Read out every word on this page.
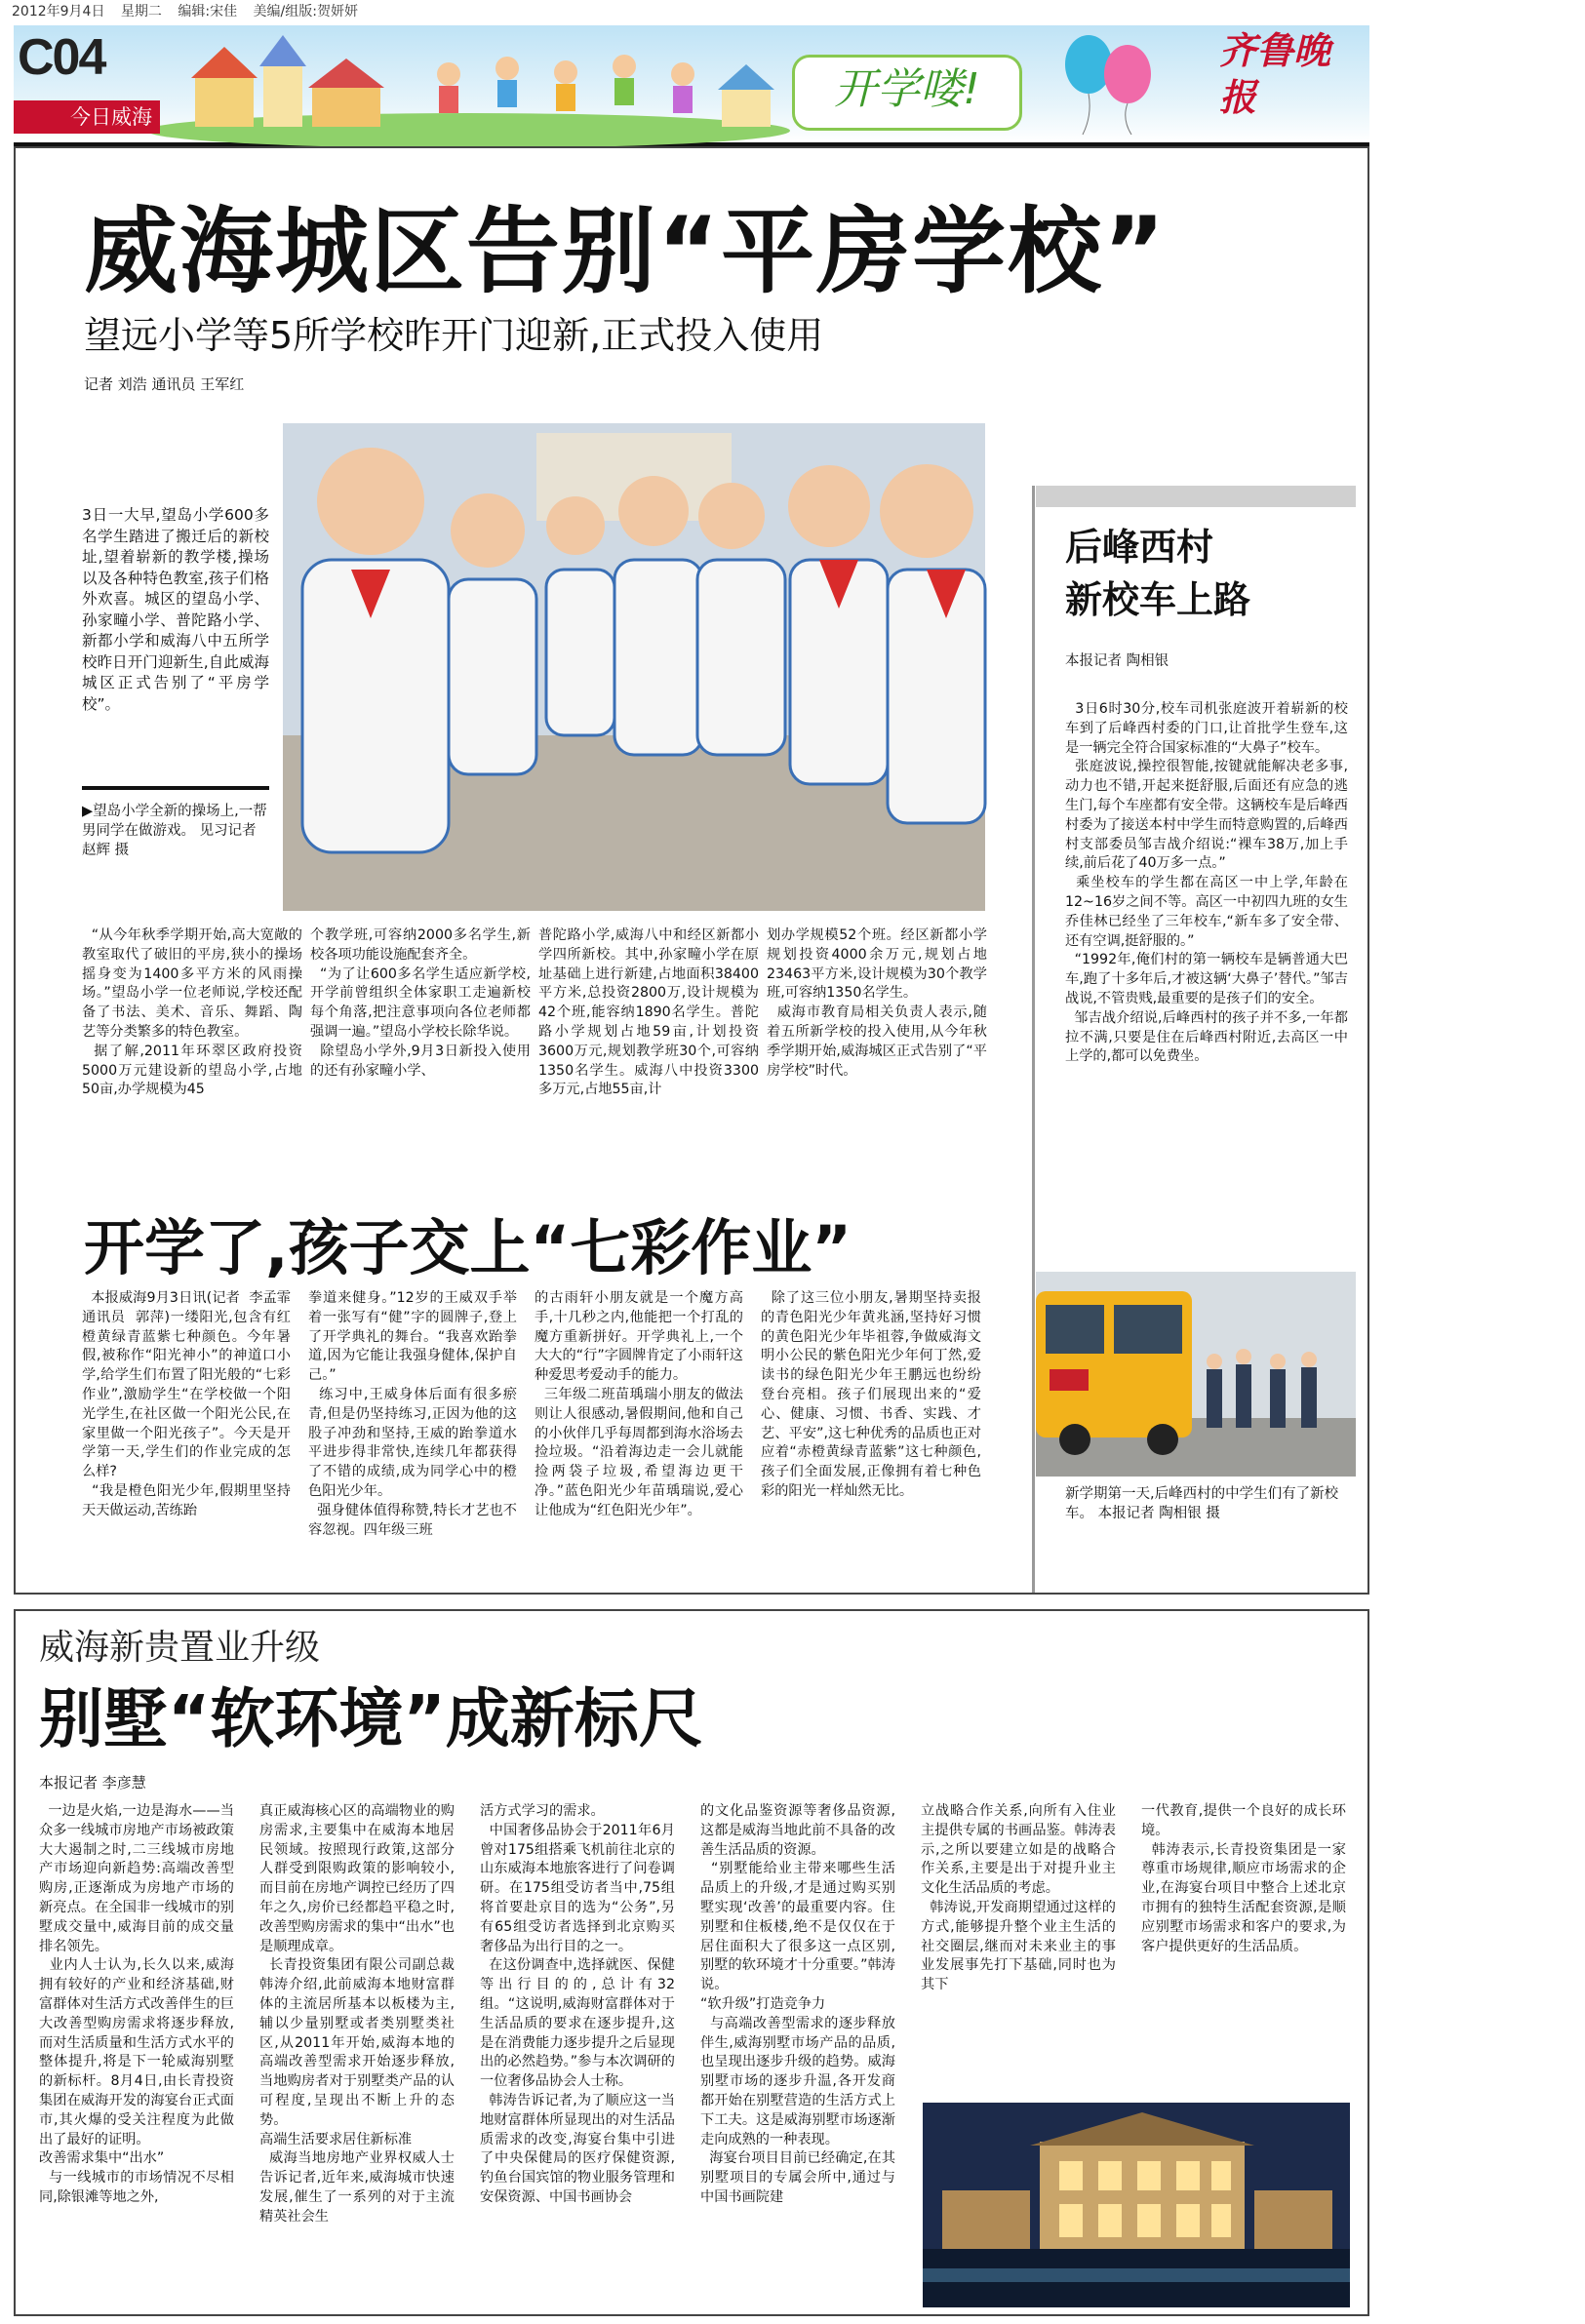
2012年9月4日 星期二 编辑:宋佳 美编/组版:贺妍妍
C04
今日威海
开学喽!
齐鲁晚报
威海城区告别“平房学校”
望远小学等5所学校昨开门迎新,正式投入使用
记者 刘浩 通讯员 王军红
3日一大早,望岛小学600多名学生踏进了搬迁后的新校址,望着崭新的教学楼,操场以及各种特色教室,孩子们格外欢喜。城区的望岛小学、孙家疃小学、普陀路小学、新都小学和威海八中五所学校昨日开门迎新生,自此威海城区正式告别了“平房学校”。
▶望岛小学全新的操场上,一帮男同学在做游戏。 见习记者 赵辉 摄
“从今年秋季学期开始,高大宽敞的教室取代了破旧的平房,狭小的操场摇身变为1400多平方米的风雨操场。”望岛小学一位老师说,学校还配备了书法、美术、音乐、舞蹈、陶艺等分类繁多的特色教室。
据了解,2011年环翠区政府投资5000万元建设新的望岛小学,占地50亩,办学规模为45
个教学班,可容纳2000多名学生,新校各项功能设施配套齐全。
“为了让600多名学生适应新学校,开学前曾组织全体家职工走遍新校每个角落,把注意事项向各位老师都强调一遍。”望岛小学校长除华说。
除望岛小学外,9月3日新投入使用的还有孙家疃小学、
普陀路小学,威海八中和经区新都小学四所新校。其中,孙家疃小学在原址基础上进行新建,占地面积38400平方米,总投资2800万,设计规模为42个班,能容纳1890名学生。普陀路小学规划占地59亩,计划投资3600万元,规划教学班30个,可容纳1350名学生。威海八中投资3300多万元,占地55亩,计
划办学规模52个班。经区新都小学规划投资4000余万元,规划占地23463平方米,设计规模为30个教学班,可容纳1350名学生。
威海市教育局相关负责人表示,随着五所新学校的投入使用,从今年秋季学期开始,威海城区正式告别了“平房学校”时代。
开学了,孩子交上“七彩作业”
本报威海9月3日讯(记者  李孟霏  通讯员  郭萍)一缕阳光,包含有红橙黄绿青蓝紫七种颜色。今年暑假,被称作“阳光神小”的神道口小学,给学生们布置了阳光般的“七彩作业”,激励学生“在学校做一个阳光学生,在社区做一个阳光公民,在家里做一个阳光孩子”。今天是开学第一天,学生们的作业完成的怎么样?
“我是橙色阳光少年,假期里坚持天天做运动,苦练跆
拳道来健身。”12岁的王威双手举着一张写有“健”字的圆牌子,登上了开学典礼的舞台。“我喜欢跆拳道,因为它能让我强身健体,保护自己。”
练习中,王威身体后面有很多瘀青,但是仍坚持练习,正因为他的这股子冲劲和坚持,王威的跆拳道水平进步得非常快,连续几年都获得了不错的成绩,成为同学心中的橙色阳光少年。
强身健体值得称赞,特长才艺也不容忽视。四年级三班
的古雨轩小朋友就是一个魔方高手,十几秒之内,他能把一个打乱的魔方重新拼好。开学典礼上,一个大大的“行”字圆牌肯定了小雨轩这种爱思考爱动手的能力。
三年级二班苗瑀瑞小朋友的做法则让人很感动,暑假期间,他和自己的小伙伴几乎每周都到海水浴场去捡垃圾。“沿着海边走一会儿就能捡两袋子垃圾,希望海边更干净。”蓝色阳光少年苗瑀瑞说,爱心让他成为“红色阳光少年”。
除了这三位小朋友,暑期坚持卖报的青色阳光少年黄兆涵,坚持好习惯的黄色阳光少年毕祖蓉,争做威海文明小公民的紫色阳光少年何丁然,爱读书的绿色阳光少年王鹏远也纷纷登台亮相。孩子们展现出来的“爱心、健康、习惯、书香、实践、才艺、平安”,这七种优秀的品质也正对应着“赤橙黄绿青蓝紫”这七种颜色,孩子们全面发展,正像拥有着七种色彩的阳光一样灿然无比。
后峰西村
新校车上路
本报记者 陶相银
3日6时30分,校车司机张庭波开着崭新的校车到了后峰西村委的门口,让首批学生登车,这是一辆完全符合国家标准的“大鼻子”校车。
张庭波说,操控很智能,按键就能解决老多事,动力也不错,开起来挺舒服,后面还有应急的逃生门,每个车座都有安全带。这辆校车是后峰西村委为了接送本村中学生而特意购置的,后峰西村支部委员邹吉战介绍说:“裸车38万,加上手续,前后花了40万多一点。”
乘坐校车的学生都在高区一中上学,年龄在12~16岁之间不等。高区一中初四九班的女生乔佳林已经坐了三年校车,“新车多了安全带、还有空调,挺舒服的。”
“1992年,俺们村的第一辆校车是辆普通大巴车,跑了十多年后,才被这辆‘大鼻子’替代。”邹吉战说,不管贵贱,最重要的是孩子们的安全。
邹吉战介绍说,后峰西村的孩子并不多,一年都拉不满,只要是住在后峰西村附近,去高区一中上学的,都可以免费坐。
新学期第一天,后峰西村的中学生们有了新校车。 本报记者 陶相银 摄
威海新贵置业升级
别墅“软环境”成新标尺
本报记者 李彦慧
一边是火焰,一边是海水——当众多一线城市房地产市场被政策大大遏制之时,二三线城市房地产市场迎向新趋势:高端改善型购房,正逐渐成为房地产市场的新亮点。在全国非一线城市的别墅成交量中,威海目前的成交量排名领先。
业内人士认为,长久以来,威海拥有较好的产业和经济基础,财富群体对生活方式改善伴生的巨大改善型购房需求将逐步释放,而对生活质量和生活方式水平的整体提升,将是下一轮威海别墅的新标杆。8月4日,由长青投资集团在威海开发的海宴台正式面市,其火爆的受关注程度为此做出了最好的证明。
改善需求集中“出水”
与一线城市的市场情况不尽相同,除银滩等地之外,
真正威海核心区的高端物业的购房需求,主要集中在威海本地居民领域。按照现行政策,这部分人群受到限购政策的影响较小,而目前在房地产调控已经历了四年之久,房价已经都趋平稳之时,改善型购房需求的集中“出水”也是顺理成章。
长青投资集团有限公司副总裁韩涛介绍,此前威海本地财富群体的主流居所基本以板楼为主,辅以少量别墅或者类别墅类社区,从2011年开始,威海本地的高端改善型需求开始逐步释放,当地购房者对于别墅类产品的认可程度,呈现出不断上升的态势。
高端生活要求居住新标准
威海当地房地产业界权威人士告诉记者,近年来,威海城市快速发展,催生了一系列的对于主流精英社会生
活方式学习的需求。
中国奢侈品协会于2011年6月曾对175组搭乘飞机前往北京的山东威海本地旅客进行了问卷调研。在175组受访者当中,75组将首要赴京目的选为“公务”,另有65组受访者选择到北京购买奢侈品为出行目的之一。
在这份调查中,选择就医、保健等出行目的的,总计有32组。“这说明,威海财富群体对于生活品质的要求在逐步提升,这是在消费能力逐步提升之后显现出的必然趋势。”参与本次调研的一位奢侈品协会人士称。
韩涛告诉记者,为了顺应这一当地财富群体所显现出的对生活品质需求的改变,海宴台集中引进了中央保健局的医疗保健资源,钓鱼台国宾馆的物业服务管理和安保资源、中国书画协会
的文化品鉴资源等奢侈品资源,这都是威海当地此前不具备的改善生活品质的资源。
“别墅能给业主带来哪些生活品质上的升级,才是通过购买别墅实现‘改善’的最重要内容。住别墅和住板楼,绝不是仅仅在于居住面积大了很多这一点区别,别墅的软环境才十分重要。”韩涛说。
“软升级”打造竞争力
与高端改善型需求的逐步释放伴生,威海别墅市场产品的品质,也呈现出逐步升级的趋势。威海别墅市场的逐步升温,各开发商都开始在别墅营造的生活方式上下工夫。这是威海别墅市场逐渐走向成熟的一种表现。
海宴台项目目前已经确定,在其别墅项目的专属会所中,通过与中国书画院建
立战略合作关系,向所有入住业主提供专属的书画品鉴。韩涛表示,之所以要建立如是的战略合作关系,主要是出于对提升业主文化生活品质的考虑。
韩涛说,开发商期望通过这样的方式,能够提升整个业主生活的社交圈层,继而对未来业主的事业发展事先打下基础,同时也为其下
一代教育,提供一个良好的成长环境。
韩涛表示,长青投资集团是一家尊重市场规律,顺应市场需求的企业,在海宴台项目中整合上述北京市拥有的独特生活配套资源,是顺应别墅市场需求和客户的要求,为客户提供更好的生活品质。
